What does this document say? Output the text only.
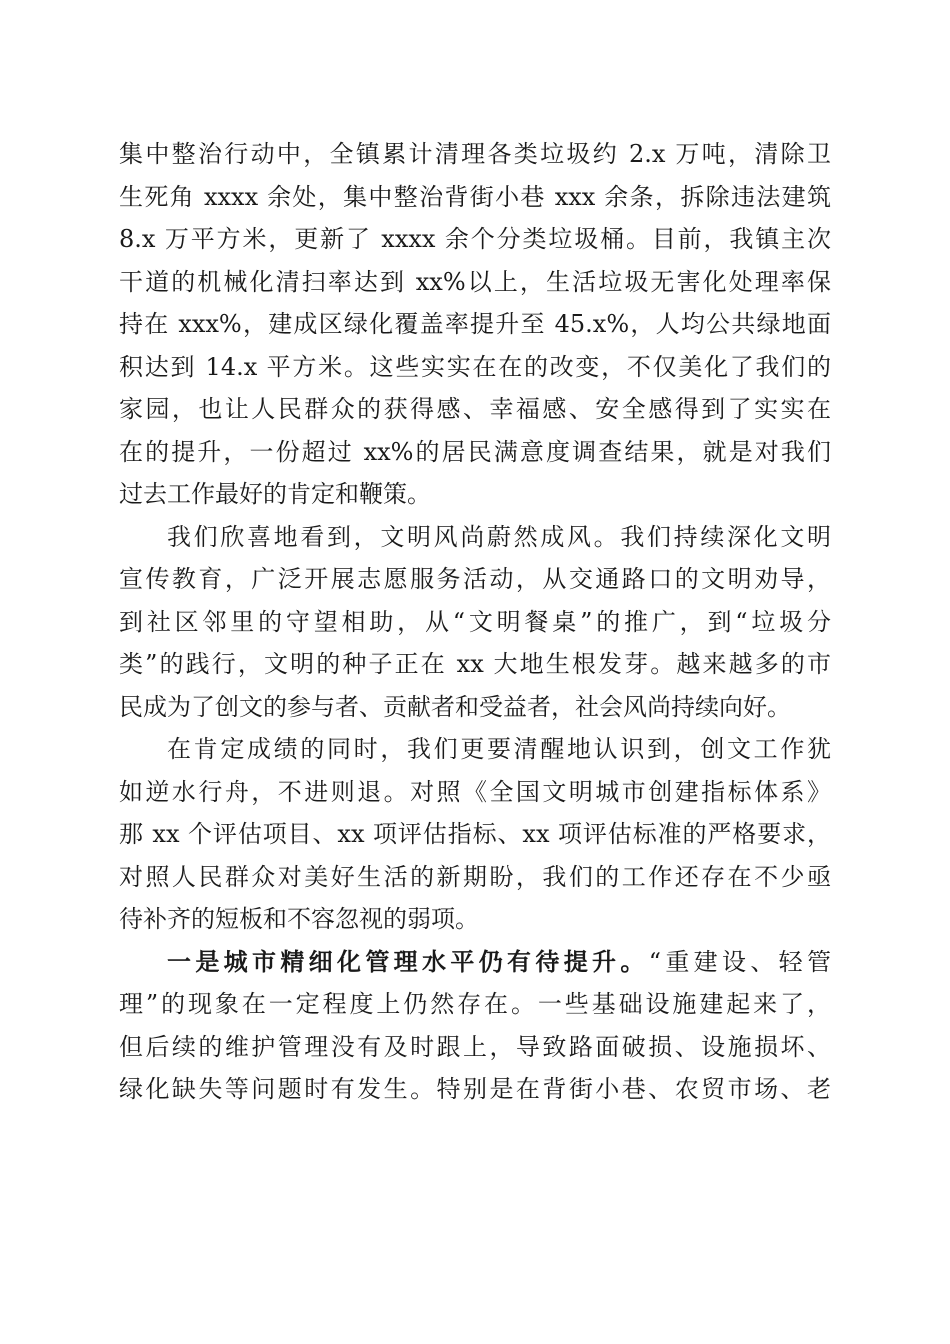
集中整治行动中，全镇累计清理各类垃圾约 2.x 万吨，清除卫
生死角 xxxx 余处，集中整治背街小巷 xxx 余条，拆除违法建筑
8.x 万平方米，更新了 xxxx 余个分类垃圾桶。目前，我镇主次
干道的机械化清扫率达到 xx%以上，生活垃圾无害化处理率保
持在 xxx%，建成区绿化覆盖率提升至 45.x%，人均公共绿地面
积达到 14.x 平方米。这些实实在在的改变，不仅美化了我们的
家园，也让人民群众的获得感、幸福感、安全感得到了实实在
在的提升，一份超过 xx%的居民满意度调查结果，就是对我们
过去工作最好的肯定和鞭策。
我们欣喜地看到，文明风尚蔚然成风。我们持续深化文明
宣传教育，广泛开展志愿服务活动，从交通路口的文明劝导，
到社区邻里的守望相助，从“文明餐桌”的推广，到“垃圾分
类”的践行，文明的种子正在 xx 大地生根发芽。越来越多的市
民成为了创文的参与者、贡献者和受益者，社会风尚持续向好。
在肯定成绩的同时，我们更要清醒地认识到，创文工作犹
如逆水行舟，不进则退。对照《全国文明城市创建指标体系》
那 xx 个评估项目、xx 项评估指标、xx 项评估标准的严格要求，
对照人民群众对美好生活的新期盼，我们的工作还存在不少亟
待补齐的短板和不容忽视的弱项。
一是城市精细化管理水平仍有待提升。“重建设、轻管
理”的现象在一定程度上仍然存在。一些基础设施建起来了，
但后续的维护管理没有及时跟上，导致路面破损、设施损坏、
绿化缺失等问题时有发生。特别是在背街小巷、农贸市场、老
